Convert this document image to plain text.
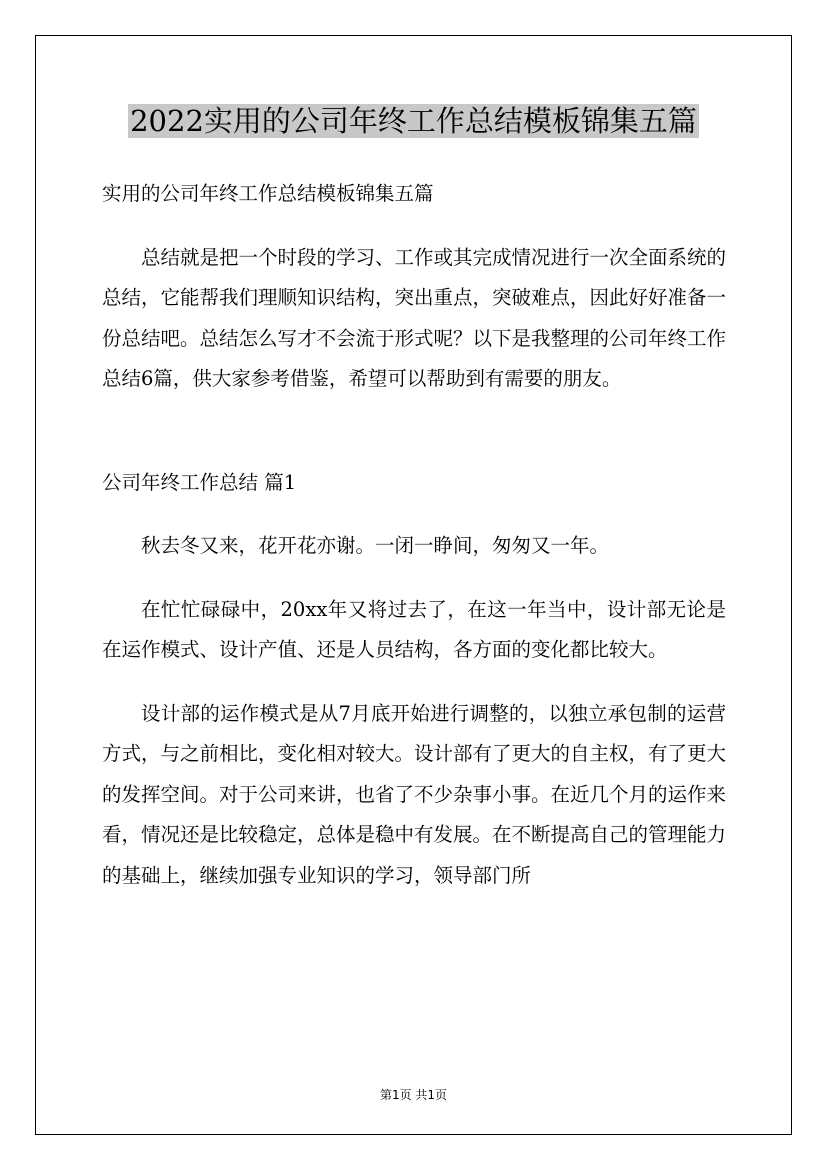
2022实用的公司年终工作总结模板锦集五篇

实用的公司年终工作总结模板锦集五篇

总结就是把一个时段的学习、工作或其完成情况进行一次全面系统的总结，它能帮我们理顺知识结构，突出重点，突破难点，因此好好准备一份总结吧。总结怎么写才不会流于形式呢？以下是我整理的公司年终工作总结6篇，供大家参考借鉴，希望可以帮助到有需要的朋友。

公司年终工作总结 篇1

秋去冬又来，花开花亦谢。一闭一睁间，匆匆又一年。

在忙忙碌碌中，20xx年又将过去了，在这一年当中，设计部无论是在运作模式、设计产值、还是人员结构，各方面的变化都比较大。

设计部的运作模式是从7月底开始进行调整的，以独立承包制的运营方式，与之前相比，变化相对较大。设计部有了更大的自主权，有了更大的发挥空间。对于公司来讲，也省了不少杂事小事。在近几个月的运作来看，情况还是比较稳定，总体是稳中有发展。在不断提高自己的管理能力的基础上，继续加强专业知识的学习，领导部门所

第1页 共1页
